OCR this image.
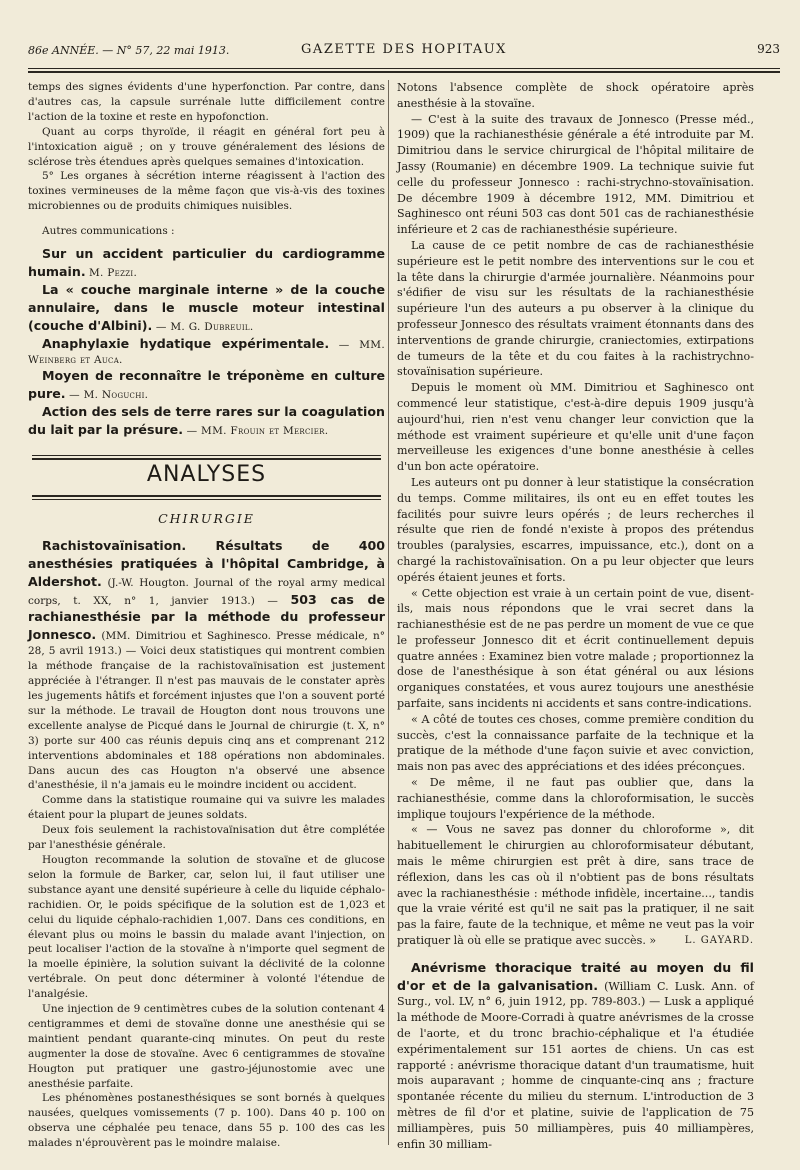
86e ANNÉE. — N° 57, 22 mai 1913.	GAZETTE DES HOPITAUX	923

temps des signes évidents d'une hyperfonction. Par contre, dans d'autres cas, la capsule surrénale lutte difficilement contre l'action de la toxine et reste en hypofonction.

Quant au corps thyroïde, il réagit en général fort peu à l'intoxication aiguë ; on y trouve généralement des lésions de sclérose très étendues après quelques semaines d'intoxication.

5° Les organes à sécrétion interne réagissent à l'action des toxines vermineuses de la même façon que vis-à-vis des toxines microbiennes ou de produits chimiques nuisibles.

Autres communications :

Sur un accident particulier du cardiogramme humain. M. Pezzi.

La « couche marginale interne » de la couche annulaire, dans le muscle moteur intestinal (couche d'Albini). — M. G. Dubreuil.

Anaphylaxie hydatique expérimentale. — MM. Weinberg et Auca.

Moyen de reconnaître le tréponème en culture pure. — M. Noguchi.

Action des sels de terre rares sur la coagulation du lait par la présure. — MM. Frouin et Mercier.

ANALYSES
CHIRURGIE

Rachistovaïnisation. Résultats de 400 anesthésies pratiquées à l'hôpital Cambridge, à Aldershot. (J.-W. Hougton. Journal of the royal army medical corps, t. XX, n° 1, janvier 1913.) — 503 cas de rachianesthésie par la méthode du professeur Jonnesco. (MM. Dimitriou et Saghinesco. Presse médicale, n° 28, 5 avril 1913.) — Voici deux statistiques qui montrent combien la méthode française de la rachistovaïnisation est justement appréciée à l'étranger. Il n'est pas mauvais de le constater après les jugements hâtifs et forcément injustes que l'on a souvent porté sur la méthode. Le travail de Hougton dont nous trouvons une excellente analyse de Picqué dans le Journal de chirurgie (t. X, n° 3) porte sur 400 cas réunis depuis cinq ans et comprenant 212 interventions abdominales et 188 opérations non abdominales. Dans aucun des cas Hougton n'a observé une absence d'anesthésie, il n'a jamais eu le moindre incident ou accident.

Comme dans la statistique roumaine qui va suivre les malades étaient pour la plupart de jeunes soldats.

Deux fois seulement la rachistovaïnisation dut être complétée par l'anesthésie générale.

Hougton recommande la solution de stovaïne et de glucose selon la formule de Barker, car, selon lui, il faut utiliser une substance ayant une densité supérieure à celle du liquide céphalo-rachidien. Or, le poids spécifique de la solution est de 1,023 et celui du liquide céphalo-rachidien 1,007. Dans ces conditions, en élevant plus ou moins le bassin du malade avant l'injection, on peut localiser l'action de la stovaïne à n'importe quel segment de la moelle épinière, la solution suivant la déclivité de la colonne vertébrale. On peut donc déterminer à volonté l'étendue de l'analgésie.

Une injection de 9 centimètres cubes de la solution contenant 4 centigrammes et demi de stovaïne donne une anesthésie qui se maintient pendant quarante-cinq minutes. On peut du reste augmenter la dose de stovaïne. Avec 6 centigrammes de stovaïne Hougton put pratiquer une gastro-jéjunostomie avec une anesthésie parfaite.

Les phénomènes postanesthésiques se sont bornés à quelques nausées, quelques vomissements (7 p. 100). Dans 40 p. 100 on observa une céphalée peu tenace, dans 55 p. 100 des cas les malades n'éprouvèrent pas le moindre malaise.

Notons l'absence complète de shock opératoire après anesthésie à la stovaïne.

— C'est à la suite des travaux de Jonnesco (Presse méd., 1909) que la rachianesthésie générale a été introduite par M. Dimitriou dans le service chirurgical de l'hôpital militaire de Jassy (Roumanie) en décembre 1909. La technique suivie fut celle du professeur Jonnesco : rachi-strychno-stovaïnisation. De décembre 1909 à décembre 1912, MM. Dimitriou et Saghinesco ont réuni 503 cas dont 501 cas de rachianesthésie inférieure et 2 cas de rachianesthésie supérieure.

La cause de ce petit nombre de cas de rachianesthésie supérieure est le petit nombre des interventions sur le cou et la tête dans la chirurgie d'armée journalière. Néanmoins pour s'édifier de visu sur les résultats de la rachianesthésie supérieure l'un des auteurs a pu observer à la clinique du professeur Jonnesco des résultats vraiment étonnants dans des interventions de grande chirurgie, craniectomies, extirpations de tumeurs de la tête et du cou faites à la rachistrychno-stovaïnisation supérieure.

Depuis le moment où MM. Dimitriou et Saghinesco ont commencé leur statistique, c'est-à-dire depuis 1909 jusqu'à aujourd'hui, rien n'est venu changer leur conviction que la méthode est vraiment supérieure et qu'elle unit d'une façon merveilleuse les exigences d'une bonne anesthésie à celles d'un bon acte opératoire.

Les auteurs ont pu donner à leur statistique la consécration du temps. Comme militaires, ils ont eu en effet toutes les facilités pour suivre leurs opérés ; de leurs recherches il résulte que rien de fondé n'existe à propos des prétendus troubles (paralysies, escarres, impuissance, etc.), dont on a chargé la rachistovaïnisation. On a pu leur objecter que leurs opérés étaient jeunes et forts.

« Cette objection est vraie à un certain point de vue, disent-ils, mais nous répondons que le vrai secret dans la rachianesthésie est de ne pas perdre un moment de vue ce que le professeur Jonnesco dit et écrit continuellement depuis quatre années : Examinez bien votre malade ; proportionnez la dose de l'anesthésique à son état général ou aux lésions organiques constatées, et vous aurez toujours une anesthésie parfaite, sans incidents ni accidents et sans contre-indications.

« A côté de toutes ces choses, comme première condition du succès, c'est la connaissance parfaite de la technique et la pratique de la méthode d'une façon suivie et avec conviction, mais non pas avec des appréciations et des idées préconçues.

« De même, il ne faut pas oublier que, dans la rachianesthésie, comme dans la chloroformisation, le succès implique toujours l'expérience de la méthode.

« — Vous ne savez pas donner du chloroforme », dit habituellement le chirurgien au chloroformisateur débutant, mais le même chirurgien est prêt à dire, sans trace de réflexion, dans les cas où il n'obtient pas de bons résultats avec la rachianesthésie : méthode infidèle, incertaine..., tandis que la vraie vérité est qu'il ne sait pas la pratiquer, il ne sait pas la faire, faute de la technique, et même ne veut pas la voir pratiquer là où elle se pratique avec succès. »	L. GAYARD.

Anévrisme thoracique traité au moyen du fil d'or et de la galvanisation. (William C. Lusk. Ann. of Surg., vol. LV, n° 6, juin 1912, pp. 789-803.) — Lusk a appliqué la méthode de Moore-Corradi à quatre anévrismes de la crosse de l'aorte, et du tronc brachio-céphalique et l'a étudiée expérimentalement sur 151 aortes de chiens. Un cas est rapporté : anévrisme thoracique datant d'un traumatisme, huit mois auparavant ; homme de cinquante-cinq ans ; fracture spontanée récente du milieu du sternum. L'introduction de 3 mètres de fil d'or et platine, suivie de l'application de 75 milliampères, puis 50 milliampères, puis 40 milliampères, enfin 30 milliam-
